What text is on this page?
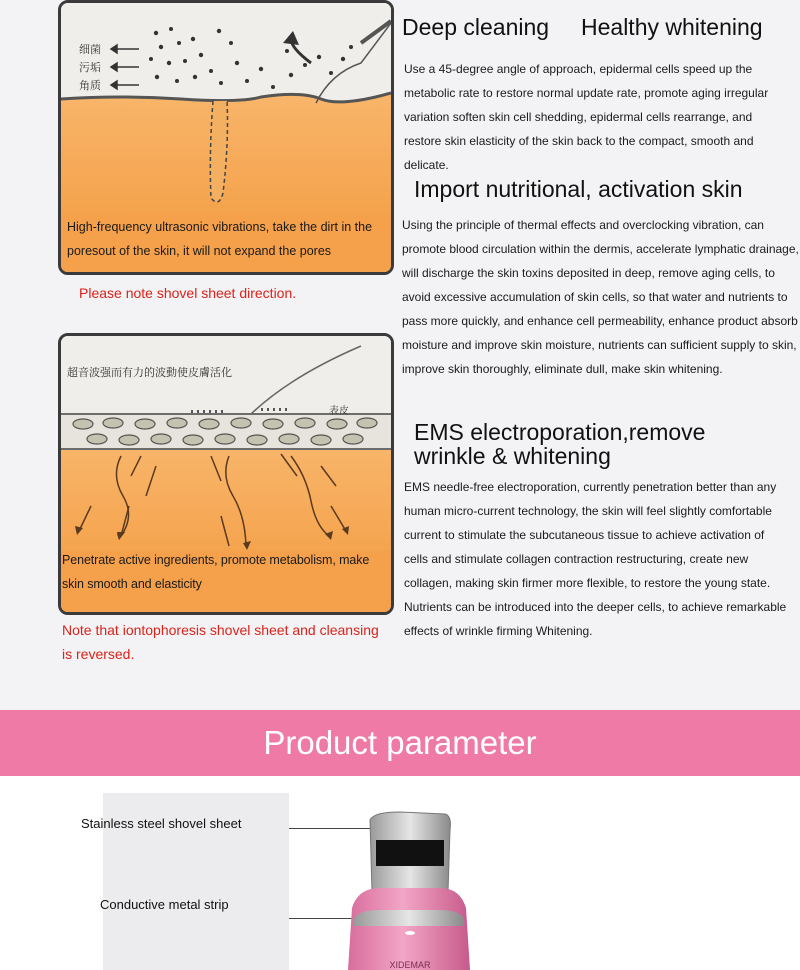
细菌
污垢
角质
High-frequency ultrasonic vibrations, take the dirt in the poresout of the skin, it will not expand the pores
Please note shovel sheet direction.
超音波强而有力的波動使皮膚活化
表皮
Penetrate active ingredients, promote metabolism, make skin smooth and elasticity
Note that iontophoresis shovel sheet and cleansing is reversed.
Deep cleaning     Healthy whitening
Use a 45-degree angle of approach, epidermal cells speed up the metabolic rate to restore normal update rate, promote aging irregular variation soften skin cell shedding, epidermal cells rearrange, and restore skin elasticity of the skin back to the compact, smooth and delicate.
Import nutritional, activation skin
Using the principle of thermal effects and overclocking vibration, can promote blood circulation within the dermis, accelerate lymphatic drainage, will discharge the skin toxins deposited in deep, remove aging cells, to avoid excessive accumulation of skin cells, so that water and nutrients to pass more quickly, and enhance cell permeability, enhance product absorb moisture and improve skin moisture, nutrients can sufficient supply to skin, improve skin thoroughly, eliminate dull, make skin whitening.
EMS electroporation,remove wrinkle & whitening
EMS needle-free electroporation, currently penetration better than any human micro-current technology, the skin will feel slightly comfortable current to stimulate the subcutaneous tissue to achieve activation of cells and stimulate collagen contraction restructuring, create new collagen, making skin firmer more flexible, to restore the young state. Nutrients can be introduced into the deeper cells, to achieve remarkable effects of wrinkle firming Whitening.
Product parameter
Stainless steel shovel sheet
Conductive metal strip
XIDEMAR
